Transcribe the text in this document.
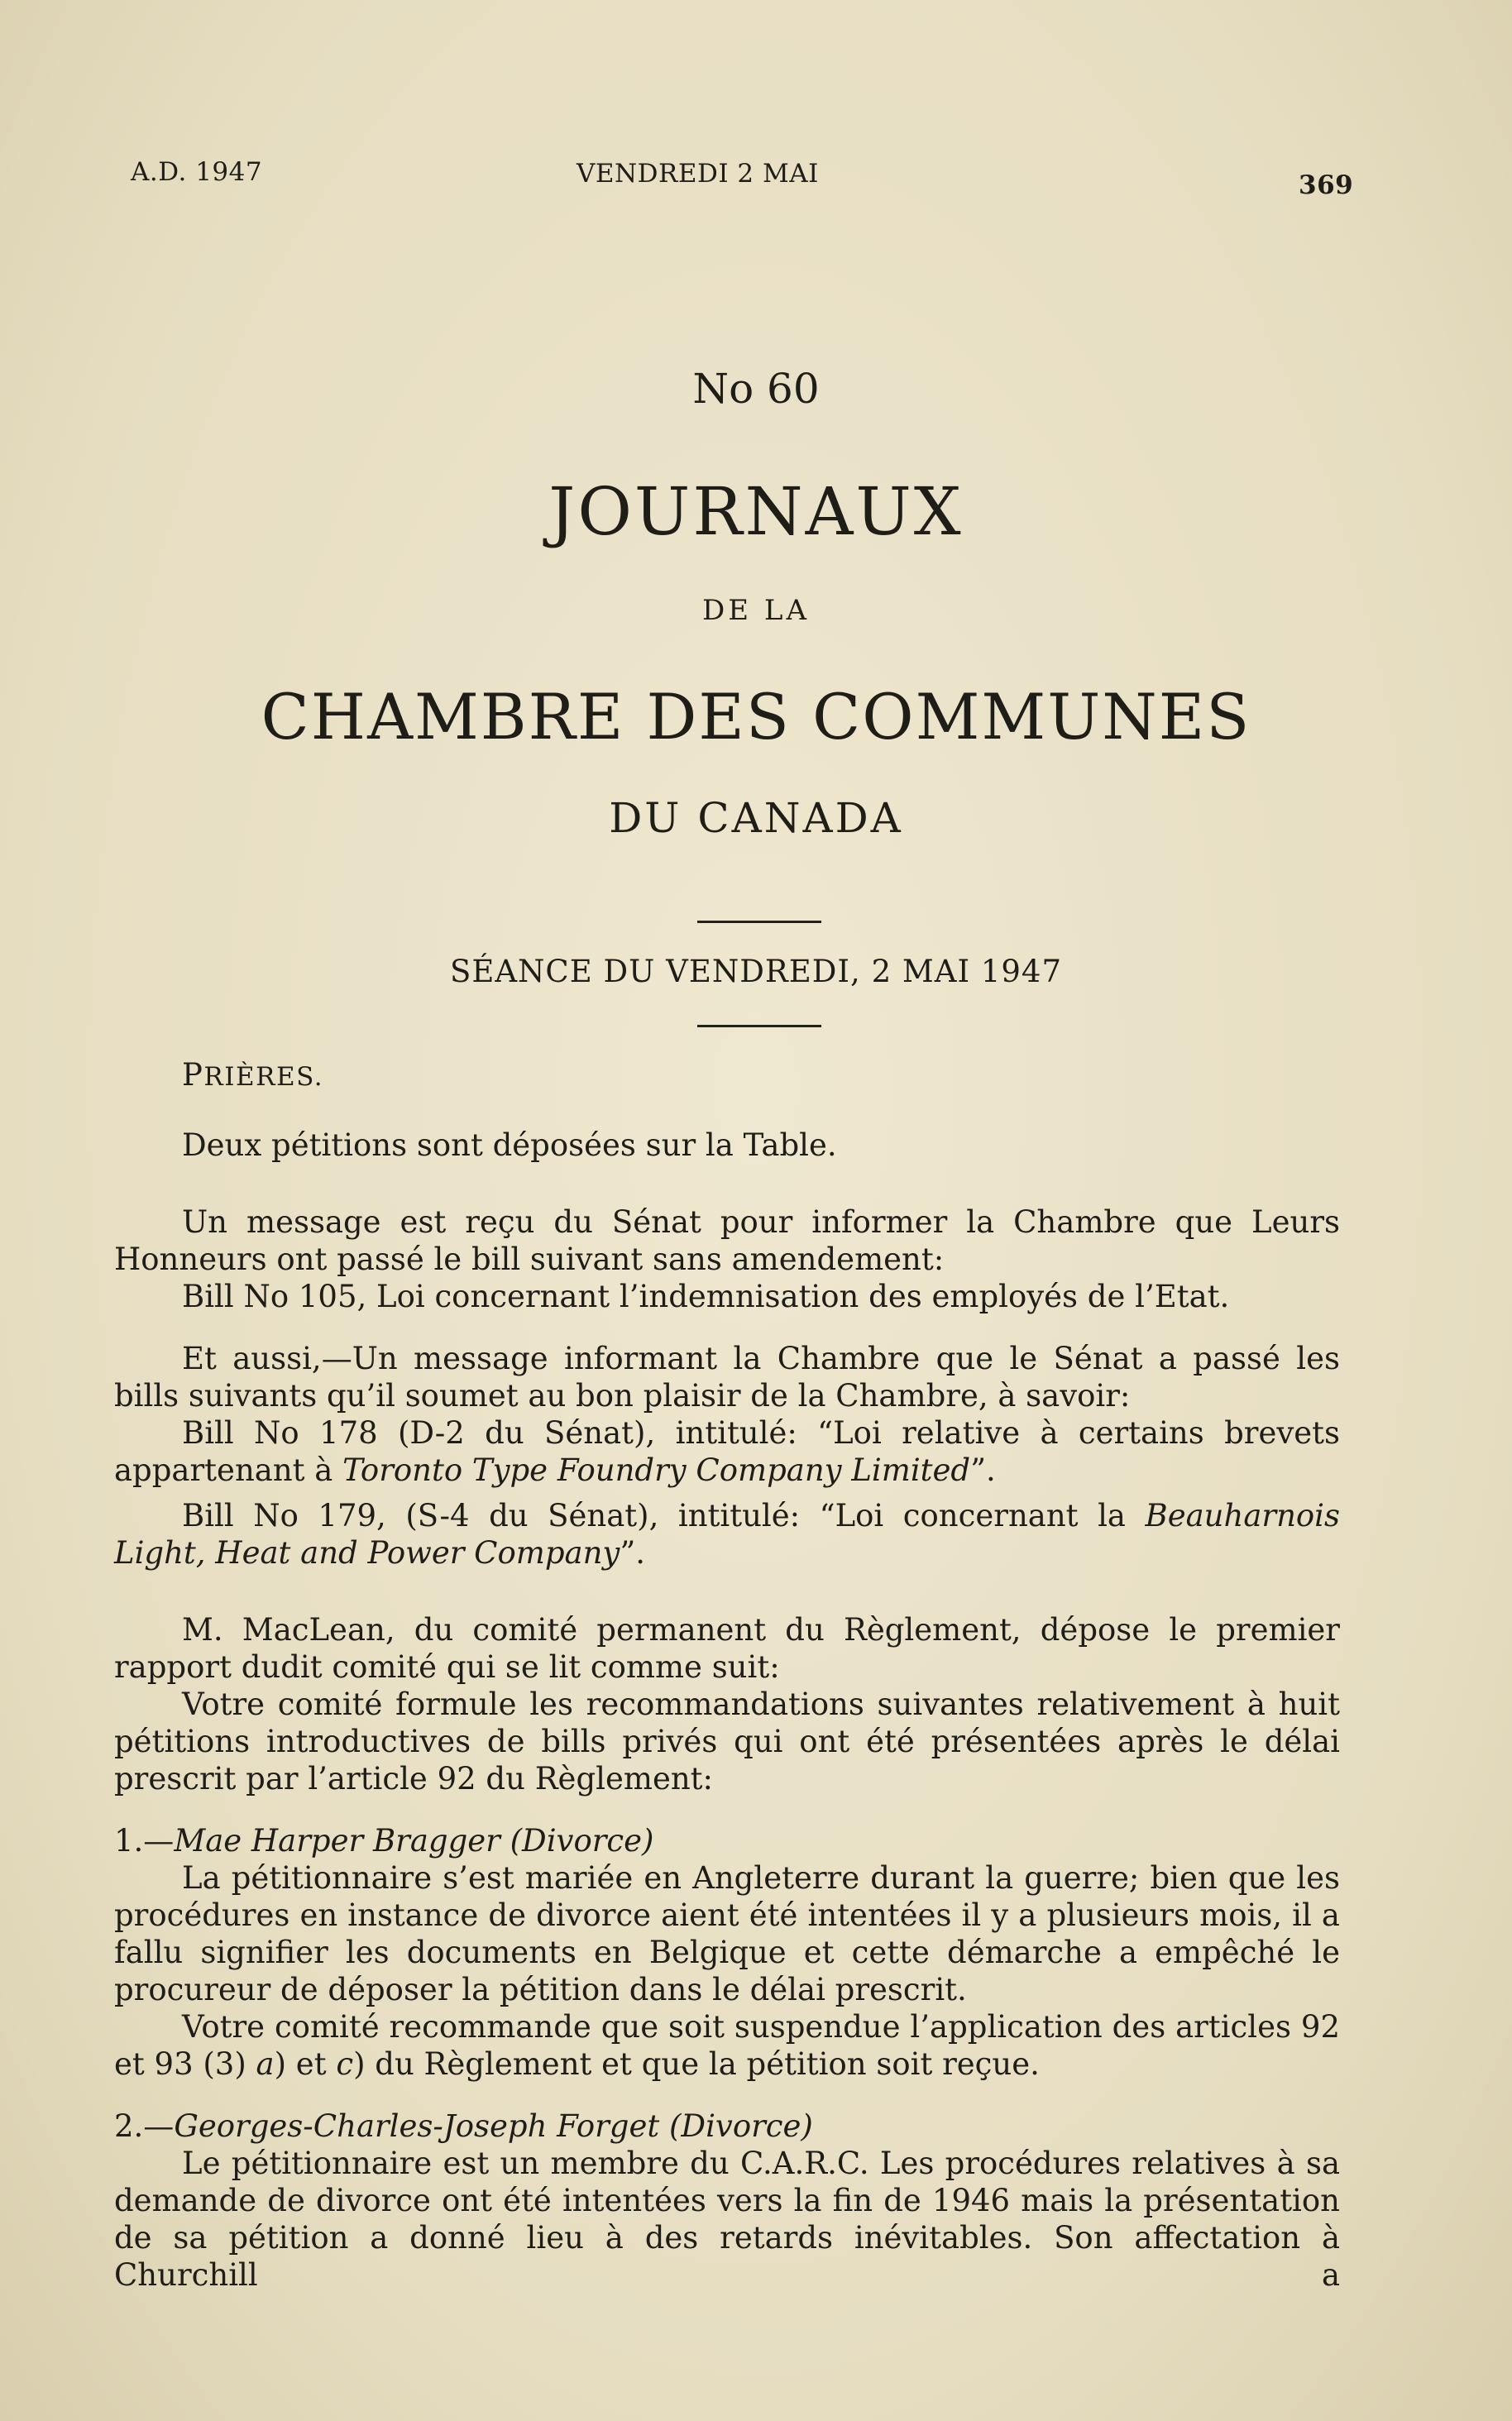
A.D. 1947	VENDREDI 2 MAI	369
No 60
JOURNAUX
DE LA
CHAMBRE DES COMMUNES
DU CANADA
SÉANCE DU VENDREDI, 2 MAI 1947
PRIÈRES.

Deux pétitions sont déposées sur la Table.

Un message est reçu du Sénat pour informer la Chambre que Leurs Honneurs ont passé le bill suivant sans amendement:

Bill No 105, Loi concernant l’indemnisation des employés de l’Etat.

Et aussi,—Un message informant la Chambre que le Sénat a passé les bills suivants qu’il soumet au bon plaisir de la Chambre, à savoir:

Bill No 178 (D-2 du Sénat), intitulé: “Loi relative à certains brevets appartenant à Toronto Type Foundry Company Limited”.

Bill No 179, (S-4 du Sénat), intitulé: “Loi concernant la Beauharnois Light, Heat and Power Company”.

M. MacLean, du comité permanent du Règlement, dépose le premier rapport dudit comité qui se lit comme suit:

Votre comité formule les recommandations suivantes relativement à huit pétitions introductives de bills privés qui ont été présentées après le délai prescrit par l’article 92 du Règlement:

1.—Mae Harper Bragger (Divorce)

La pétitionnaire s’est mariée en Angleterre durant la guerre; bien que les procédures en instance de divorce aient été intentées il y a plusieurs mois, il a fallu signifier les documents en Belgique et cette démarche a empêché le procureur de déposer la pétition dans le délai prescrit.

Votre comité recommande que soit suspendue l’application des articles 92 et 93 (3) a) et c) du Règlement et que la pétition soit reçue.

2.—Georges-Charles-Joseph Forget (Divorce)

Le pétitionnaire est un membre du C.A.R.C. Les procédures relatives à sa demande de divorce ont été intentées vers la fin de 1946 mais la présentation de sa pétition a donné lieu à des retards inévitables. Son affectation à Churchill a
